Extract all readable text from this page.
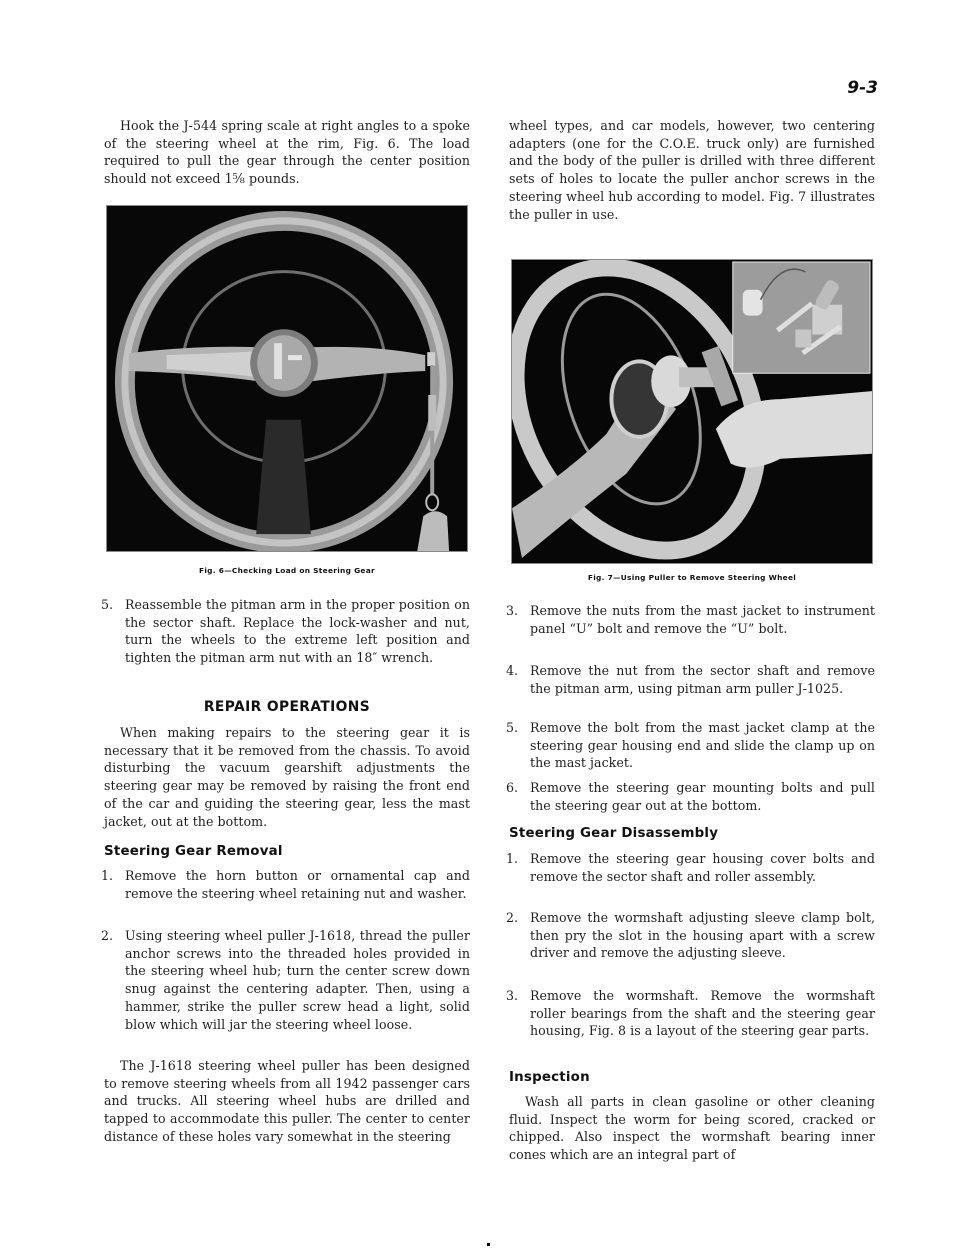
9-3

Hook the J-544 spring scale at right angles to a spoke of the steering wheel at the rim, Fig. 6. The load required to pull the gear through the center position should not exceed 1⅝ pounds.

Fig. 6—Checking Load on Steering Gear
5. Reassemble the pitman arm in the proper position on the sector shaft. Replace the lock-washer and nut, turn the wheels to the extreme left position and tighten the pitman arm nut with an 18″ wrench.
REPAIR OPERATIONS

When making repairs to the steering gear it is necessary that it be removed from the chassis. To avoid disturbing the vacuum gearshift adjustments the steering gear may be removed by raising the front end of the car and guiding the steering gear, less the mast jacket, out at the bottom.

Steering Gear Removal
1. Remove the horn button or ornamental cap and remove the steering wheel retaining nut and washer.
2. Using steering wheel puller J-1618, thread the puller anchor screws into the threaded holes provided in the steering wheel hub; turn the center screw down snug against the centering adapter. Then, using a hammer, strike the puller screw head a light, solid blow which will jar the steering wheel loose.

The J-1618 steering wheel puller has been designed to remove steering wheels from all 1942 passenger cars and trucks. All steering wheel hubs are drilled and tapped to accommodate this puller. The center to center distance of these holes vary somewhat in the steering

wheel types, and car models, however, two centering adapters (one for the C.O.E. truck only) are furnished and the body of the puller is drilled with three different sets of holes to locate the puller anchor screws in the steering wheel hub according to model. Fig. 7 illustrates the puller in use.

Fig. 7—Using Puller to Remove Steering Wheel
3. Remove the nuts from the mast jacket to instrument panel “U” bolt and remove the “U” bolt.
4. Remove the nut from the sector shaft and remove the pitman arm, using pitman arm puller J-1025.
5. Remove the bolt from the mast jacket clamp at the steering gear housing end and slide the clamp up on the mast jacket.
6. Remove the steering gear mounting bolts and pull the steering gear out at the bottom.
Steering Gear Disassembly
1. Remove the steering gear housing cover bolts and remove the sector shaft and roller assembly.
2. Remove the wormshaft adjusting sleeve clamp bolt, then pry the slot in the housing apart with a screw driver and remove the adjusting sleeve.
3. Remove the wormshaft. Remove the wormshaft roller bearings from the shaft and the steering gear housing, Fig. 8 is a layout of the steering gear parts.
Inspection

Wash all parts in clean gasoline or other cleaning fluid. Inspect the worm for being scored, cracked or chipped. Also inspect the wormshaft bearing inner cones which are an integral part of
